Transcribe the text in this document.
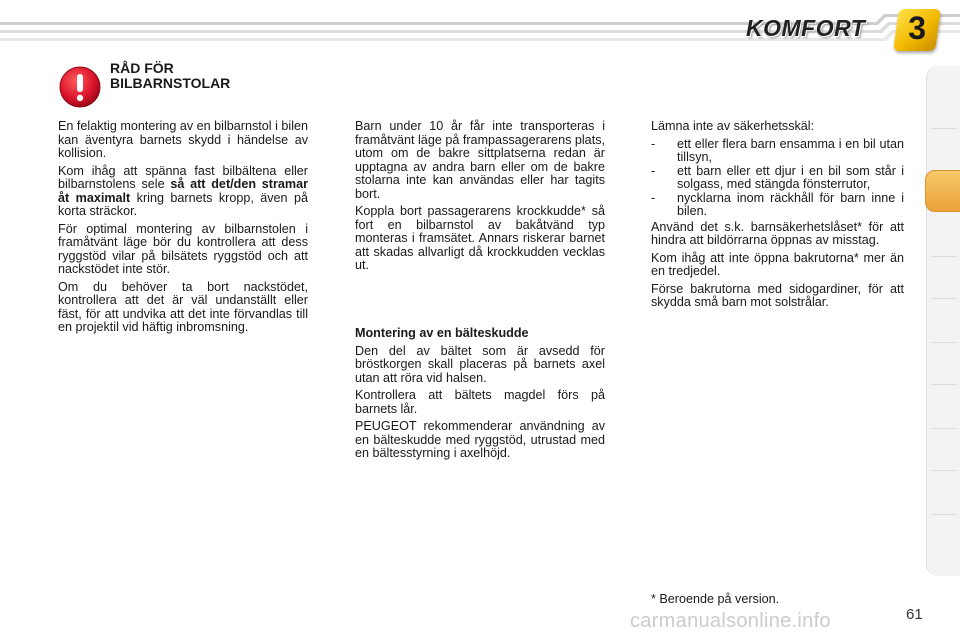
KOMFORT	3
RÅD FÖR
BILBARNSTOLAR

En felaktig montering av en bilbarnstol i bilen kan äventyra barnets skydd i händelse av kollision.

Kom ihåg att spänna fast bilbältena eller bilbarnstolens sele så att det/den stramar åt maximalt kring barnets kropp, även på korta sträckor.

För optimal montering av bilbarnstolen i framåtvänt läge bör du kontrollera att dess ryggstöd vilar på bilsätets ryggstöd och att nackstödet inte stör.

Om du behöver ta bort nackstödet, kontrollera att det är väl undanställt eller fäst, för att undvika att det inte förvandlas till en projektil vid häftig inbromsning.

Barn under 10 år får inte transporteras i framåtvänt läge på frampassagerarens plats, utom om de bakre sittplatserna redan är upptagna av andra barn eller om de bakre stolarna inte kan användas eller har tagits bort.

Koppla bort passagerarens krockkudde* så fort en bilbarnstol av bakåtvänd typ monteras i framsätet. Annars riskerar barnet att skadas allvarligt då krockkudden vecklas ut.

Montering av en bälteskudde

Den del av bältet som är avsedd för bröstkorgen skall placeras på barnets axel utan att röra vid halsen.

Kontrollera att bältets magdel förs på barnets lår.

PEUGEOT rekommenderar användning av en bälteskudde med ryggstöd, utrustad med en bältesstyrning i axelhöjd.

Lämna inte av säkerhetsskäl:

- ett eller flera barn ensamma i en bil utan tillsyn,
- ett barn eller ett djur i en bil som står i solgass, med stängda fönsterrutor,
- nycklarna inom räckhåll för barn inne i bilen.

Använd det s.k. barnsäkerhetslåset* för att hindra att bildörrarna öppnas av misstag.

Kom ihåg att inte öppna bakrutorna* mer än en tredjedel.

Förse bakrutorna med sidogardiner, för att skydda små barn mot solstrålar.

* Beroende på version.
carmanualsonline.info	61
